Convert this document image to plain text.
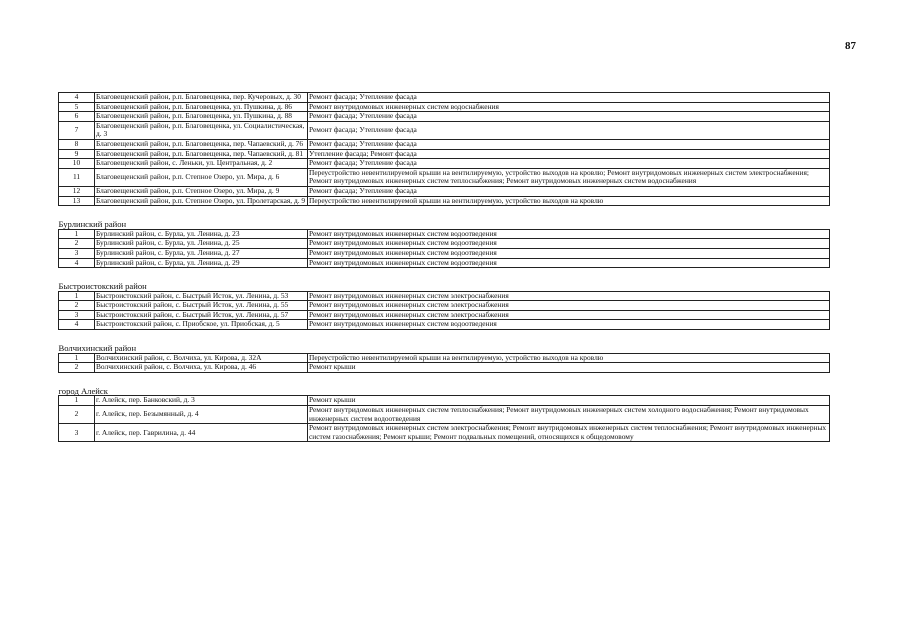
87
4	Благовещенский район, р.п. Благовещенка, пер. Кучеровых, д. 30	Ремонт фасада; Утепление фасада
5	Благовещенский район, р.п. Благовещенка, ул. Пушкина, д. 86	Ремонт внутридомовых инженерных систем водоснабжения
6	Благовещенский район, р.п. Благовещенка, ул. Пушкина, д. 88	Ремонт фасада; Утепление фасада
7	Благовещенский район, р.п. Благовещенка, ул. Социалистическая, д. 3	Ремонт фасада; Утепление фасада
8	Благовещенский район, р.п. Благовещенка, пер. Чапаевский, д. 76	Ремонт фасада; Утепление фасада
9	Благовещенский район, р.п. Благовещенка, пер. Чапаевский, д. 81	Утепление фасада; Ремонт фасада
10	Благовещенский район, с. Леньки, ул. Центральная, д. 2	Ремонт фасада; Утепление фасада
11	Благовещенский район, р.п. Степное Озеро, ул. Мира, д. 6	Переустройство невентилируемой крыши на вентилируемую, устройство выходов на кровлю; Ремонт внутридомовых инженерных систем электроснабжения; Ремонт внутридомовых инженерных систем теплоснабжения; Ремонт внутридомовых инженерных систем водоснабжения
12	Благовещенский район, р.п. Степное Озеро, ул. Мира, д. 9	Ремонт фасада; Утепление фасада
13	Благовещенский район, р.п. Степное Озеро, ул. Пролетарская, д. 9	Переустройство невентилируемой крыши на вентилируемую, устройство выходов на кровлю
Бурлинский район		
1	Бурлинский район, с. Бурла, ул. Ленина, д. 23	Ремонт внутридомовых инженерных систем водоотведения
2	Бурлинский район, с. Бурла, ул. Ленина, д. 25	Ремонт внутридомовых инженерных систем водоотведения
3	Бурлинский район, с. Бурла, ул. Ленина, д. 27	Ремонт внутридомовых инженерных систем водоотведения
4	Бурлинский район, с. Бурла, ул. Ленина, д. 29	Ремонт внутридомовых инженерных систем водоотведения
Быстроистокский район		
1	Быстроистокский район, с. Быстрый Исток, ул. Ленина, д. 53	Ремонт внутридомовых инженерных систем электроснабжения
2	Быстроистокский район, с. Быстрый Исток, ул. Ленина, д. 55	Ремонт внутридомовых инженерных систем электроснабжения
3	Быстроистокский район, с. Быстрый Исток, ул. Ленина, д. 57	Ремонт внутридомовых инженерных систем электроснабжения
4	Быстроистокский район, с. Приобское, ул. Приобская, д. 5	Ремонт внутридомовых инженерных систем водоотведения
Волчихинский район		
1	Волчихинский район, с. Волчиха, ул. Кирова, д. 32А	Переустройство невентилируемой крыши на вентилируемую, устройство выходов на кровлю
2	Волчихинский район, с. Волчиха, ул. Кирова, д. 46	Ремонт крыши
город Алейск		
1	г. Алейск, пер. Банковский, д. 3	Ремонт крыши
2	г. Алейск, пер. Безымянный, д. 4	Ремонт внутридомовых инженерных систем теплоснабжения; Ремонт внутридомовых инженерных систем холодного водоснабжения; Ремонт внутридомовых инженерных систем водоотведения
3	г. Алейск, пер. Гаврилина, д. 44	Ремонт внутридомовых инженерных систем электроснабжения; Ремонт внутридомовых инженерных систем теплоснабжения; Ремонт внутридомовых инженерных систем газоснабжения; Ремонт крыши; Ремонт подвальных помещений, относящихся к общедомовому
